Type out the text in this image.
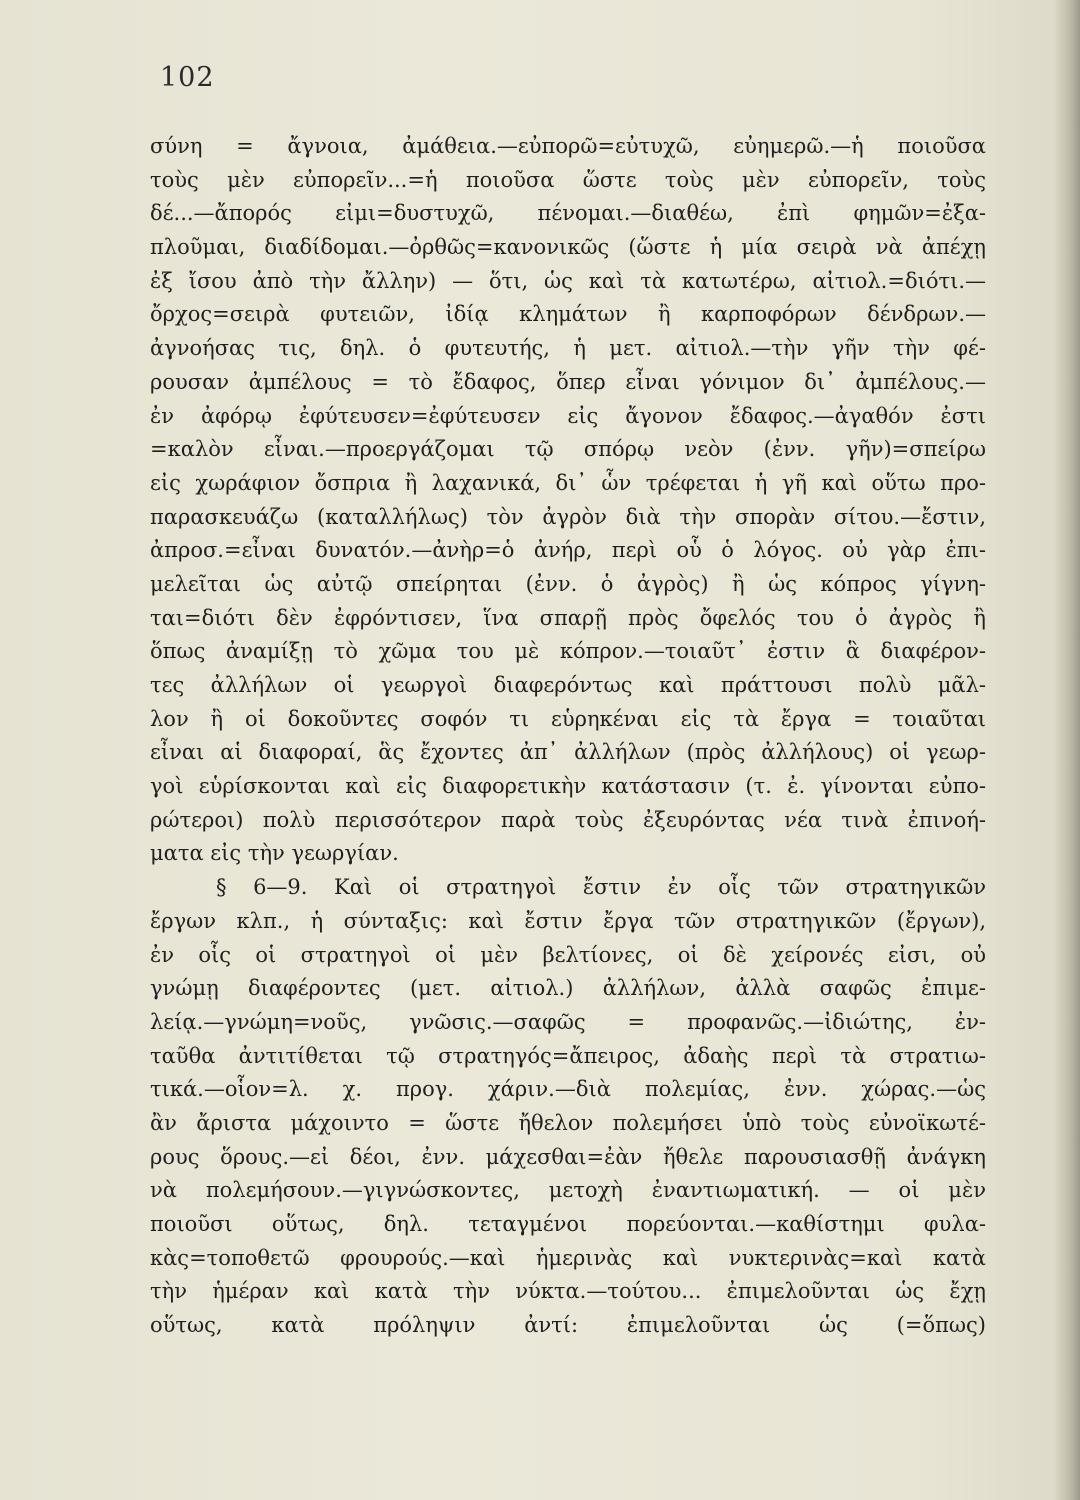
102
σύνη = ἄγνοια, ἀμάθεια.—εὐπορῶ=εὐτυχῶ, εὐημερῶ.—ἡ ποιοῦσα
τοὺς μὲν εὐπορεῖν...=ἡ ποιοῦσα ὥστε τοὺς μὲν εὐπορεῖν, τοὺς
δέ...—ἄπορός εἰμι=δυστυχῶ, πένομαι.—διαθέω, ἐπὶ φημῶν=ἐξα-
πλοῦμαι, διαδίδομαι.—ὀρθῶς=κανονικῶς (ὥστε ἡ μία σειρὰ νὰ ἀπέχῃ
ἐξ ἴσου ἀπὸ τὴν ἄλλην) — ὅτι, ὡς καὶ τὰ κατωτέρω, αἰτιολ.=διότι.—
ὄρχος=σειρὰ φυτειῶν, ἰδίᾳ κλημάτων ἢ καρποφόρων δένδρων.—
ἀγνοήσας τις, δηλ. ὁ φυτευτής, ἡ μετ. αἰτιολ.—τὴν γῆν τὴν φέ-
ρουσαν ἀμπέλους = τὸ ἔδαφος, ὅπερ εἶναι γόνιμον δι᾽ ἀμπέλους.—
ἐν ἀφόρῳ ἐφύτευσεν=ἐφύτευσεν εἰς ἄγονον ἔδαφος.—ἀγαθόν ἐστι
=καλὸν εἶναι.—προεργάζομαι τῷ σπόρῳ νεὸν (ἐνν. γῆν)=σπείρω
εἰς χωράφιον ὄσπρια ἢ λαχανικά, δι᾽ ὧν τρέφεται ἡ γῆ καὶ οὕτω προ-
παρασκευάζω (καταλλήλως) τὸν ἀγρὸν διὰ τὴν σπορὰν σίτου.—ἔστιν,
ἀπροσ.=εἶναι δυνατόν.—ἀνὴρ=ὁ ἀνήρ, περὶ οὗ ὁ λόγος. οὐ γὰρ ἐπι-
μελεῖται ὡς αὐτῷ σπείρηται (ἐνν. ὁ ἀγρὸς) ἢ ὡς κόπρος γίγνη-
ται=διότι δὲν ἐφρόντισεν, ἵνα σπαρῇ πρὸς ὄφελός του ὁ ἀγρὸς ἢ
ὅπως ἀναμίξῃ τὸ χῶμα του μὲ κόπρον.—τοιαῦτ᾽ ἐστιν ἃ διαφέρον-
τες ἀλλήλων οἱ γεωργοὶ διαφερόντως καὶ πράττουσι πολὺ μᾶλ-
λον ἢ οἱ δοκοῦντες σοφόν τι εὑρηκέναι εἰς τὰ ἔργα = τοιαῦται
εἶναι αἱ διαφοραί, ἃς ἔχοντες ἀπ᾽ ἀλλήλων (πρὸς ἀλλήλους) οἱ γεωρ-
γοὶ εὑρίσκονται καὶ εἰς διαφορετικὴν κατάστασιν (τ. ἐ. γίνονται εὐπο-
ρώτεροι) πολὺ περισσότερον παρὰ τοὺς ἐξευρόντας νέα τινὰ ἐπινοή-
ματα εἰς τὴν γεωργίαν.
§ 6—9. Καὶ οἱ στρατηγοὶ ἔστιν ἐν οἷς τῶν στρατηγικῶν
ἔργων κλπ., ἡ σύνταξις: καὶ ἔστιν ἔργα τῶν στρατηγικῶν (ἔργων),
ἐν οἷς οἱ στρατηγοὶ οἱ μὲν βελτίονες, οἱ δὲ χείρονές εἰσι, οὐ
γνώμῃ διαφέροντες (μετ. αἰτιολ.) ἀλλήλων, ἀλλὰ σαφῶς ἐπιμε-
λείᾳ.—γνώμη=νοῦς, γνῶσις.—σαφῶς = προφανῶς.—ἰδιώτης, ἐν-
ταῦθα ἀντιτίθεται τῷ στρατηγός=ἄπειρος, ἀδαὴς περὶ τὰ στρατιω-
τικά.—οἷον=λ. χ. προγ. χάριν.—διὰ πολεμίας, ἐνν. χώρας.—ὡς
ἂν ἄριστα μάχοιντο = ὥστε ἤθελον πολεμήσει ὑπὸ τοὺς εὐνοϊκωτέ-
ρους ὅρους.—εἰ δέοι, ἐνν. μάχεσθαι=ἐὰν ἤθελε παρουσιασθῇ ἀνάγκη
νὰ πολεμήσουν.—γιγνώσκοντες, μετοχὴ ἐναντιωματική. — οἱ μὲν
ποιοῦσι οὕτως, δηλ. τεταγμένοι πορεύονται.—καθίστημι φυλα-
κὰς=τοποθετῶ φρουρούς.—καὶ ἡμερινὰς καὶ νυκτερινὰς=καὶ κατὰ
τὴν ἡμέραν καὶ κατὰ τὴν νύκτα.—τούτου... ἐπιμελοῦνται ὡς ἔχῃ
οὕτως, κατὰ πρόληψιν ἀντί: ἐπιμελοῦνται ὡς (=ὅπως)
